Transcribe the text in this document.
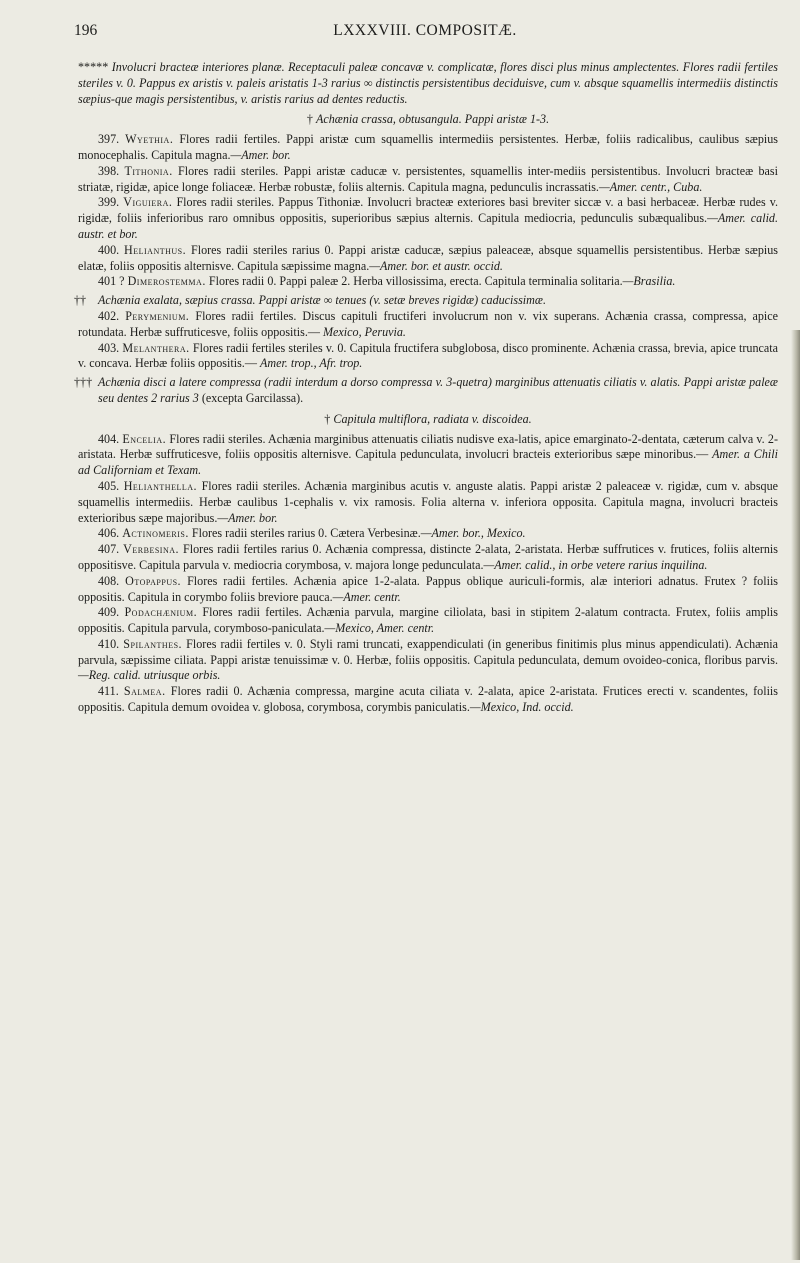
196	LXXXVIII. COMPOSITÆ.

***** Involucri bracteæ interiores planæ. Receptaculi paleæ concavæ v. complicatæ, flores disci plus minus amplectentes. Flores radii fertiles steriles v. 0. Pappus ex aristis v. paleis aristatis 1-3 rarius ∞ distinctis persistentibus deciduisve, cum v. absque squamellis intermediis distinctis sæpius-que magis persistentibus, v. aristis rarius ad dentes reductis.

† Achænia crassa, obtusangula. Pappi aristæ 1-3.

397. Wyethia. Flores radii fertiles. Pappi aristæ cum squamellis intermediis persistentes. Herbæ, foliis radicalibus, caulibus sæpius monocephalis. Capitula magna.—Amer. bor.

398. Tithonia. Flores radii steriles. Pappi aristæ caducæ v. persistentes, squamellis inter-mediis persistentibus. Involucri bracteæ basi striatæ, rigidæ, apice longe foliaceæ. Herbæ robustæ, foliis alternis. Capitula magna, pedunculis incrassatis.—Amer. centr., Cuba.

399. Viguiera. Flores radii steriles. Pappus Tithoniæ. Involucri bracteæ exteriores basi breviter siccæ v. a basi herbaceæ. Herbæ rudes v. rigidæ, foliis inferioribus raro omnibus oppositis, superioribus sæpius alternis. Capitula mediocria, pedunculis subæqualibus.—Amer. calid. austr. et bor.

400. Helianthus. Flores radii steriles rarius 0. Pappi aristæ caducæ, sæpius paleaceæ, absque squamellis persistentibus. Herbæ sæpius elatæ, foliis oppositis alternisve. Capitula sæpissime magna.—Amer. bor. et austr. occid.

401 ? Dimerostemma. Flores radii 0. Pappi paleæ 2. Herba villosissima, erecta. Capitula terminalia solitaria.—Brasilia.

†† Achænia exalata, sæpius crassa. Pappi aristæ ∞ tenues (v. setæ breves rigidæ) caducissimæ.

402. Perymenium. Flores radii fertiles. Discus capituli fructiferi involucrum non v. vix superans. Achænia crassa, compressa, apice rotundata. Herbæ suffruticesve, foliis oppositis.— Mexico, Peruvia.

403. Melanthera. Flores radii fertiles steriles v. 0. Capitula fructifera subglobosa, disco prominente. Achænia crassa, brevia, apice truncata v. concava. Herbæ foliis oppositis.— Amer. trop., Afr. trop.

††† Achænia disci a latere compressa (radii interdum a dorso compressa v. 3-quetra) marginibus attenuatis ciliatis v. alatis. Pappi aristæ paleæ seu dentes 2 rarius 3 (excepta Garcilassa).

† Capitula multiflora, radiata v. discoidea.

404. Encelia. Flores radii steriles. Achænia marginibus attenuatis ciliatis nudisve exa-latis, apice emarginato-2-dentata, cæterum calva v. 2-aristata. Herbæ suffruticesve, foliis oppositis alternisve. Capitula pedunculata, involucri bracteis exterioribus sæpe minoribus.— Amer. a Chili ad Californiam et Texam.

405. Helianthella. Flores radii steriles. Achænia marginibus acutis v. anguste alatis. Pappi aristæ 2 paleaceæ v. rigidæ, cum v. absque squamellis intermediis. Herbæ caulibus 1-cephalis v. vix ramosis. Folia alterna v. inferiora opposita. Capitula magna, involucri bracteis exterioribus sæpe majoribus.—Amer. bor.

406. Actinomeris. Flores radii steriles rarius 0. Cætera Verbesinæ.—Amer. bor., Mexico.

407. Verbesina. Flores radii fertiles rarius 0. Achænia compressa, distincte 2-alata, 2-aristata. Herbæ suffrutices v. frutices, foliis alternis oppositisve. Capitula parvula v. mediocria corymbosa, v. majora longe pedunculata.—Amer. calid., in orbe vetere rarius inquilina.

408. Otopappus. Flores radii fertiles. Achænia apice 1-2-alata. Pappus oblique auriculi-formis, alæ interiori adnatus. Frutex ? foliis oppositis. Capitula in corymbo foliis breviore pauca.—Amer. centr.

409. Podachænium. Flores radii fertiles. Achænia parvula, margine ciliolata, basi in stipitem 2-alatum contracta. Frutex, foliis amplis oppositis. Capitula parvula, corymboso-paniculata.—Mexico, Amer. centr.

410. Spilanthes. Flores radii fertiles v. 0. Styli rami truncati, exappendiculati (in generibus finitimis plus minus appendiculati). Achænia parvula, sæpissime ciliata. Pappi aristæ tenuissimæ v. 0. Herbæ, foliis oppositis. Capitula pedunculata, demum ovoideo-conica, floribus parvis.—Reg. calid. utriusque orbis.

411. Salmea. Flores radii 0. Achænia compressa, margine acuta ciliata v. 2-alata, apice 2-aristata. Frutices erecti v. scandentes, foliis oppositis. Capitula demum ovoidea v. globosa, corymbosa, corymbis paniculatis.—Mexico, Ind. occid.
